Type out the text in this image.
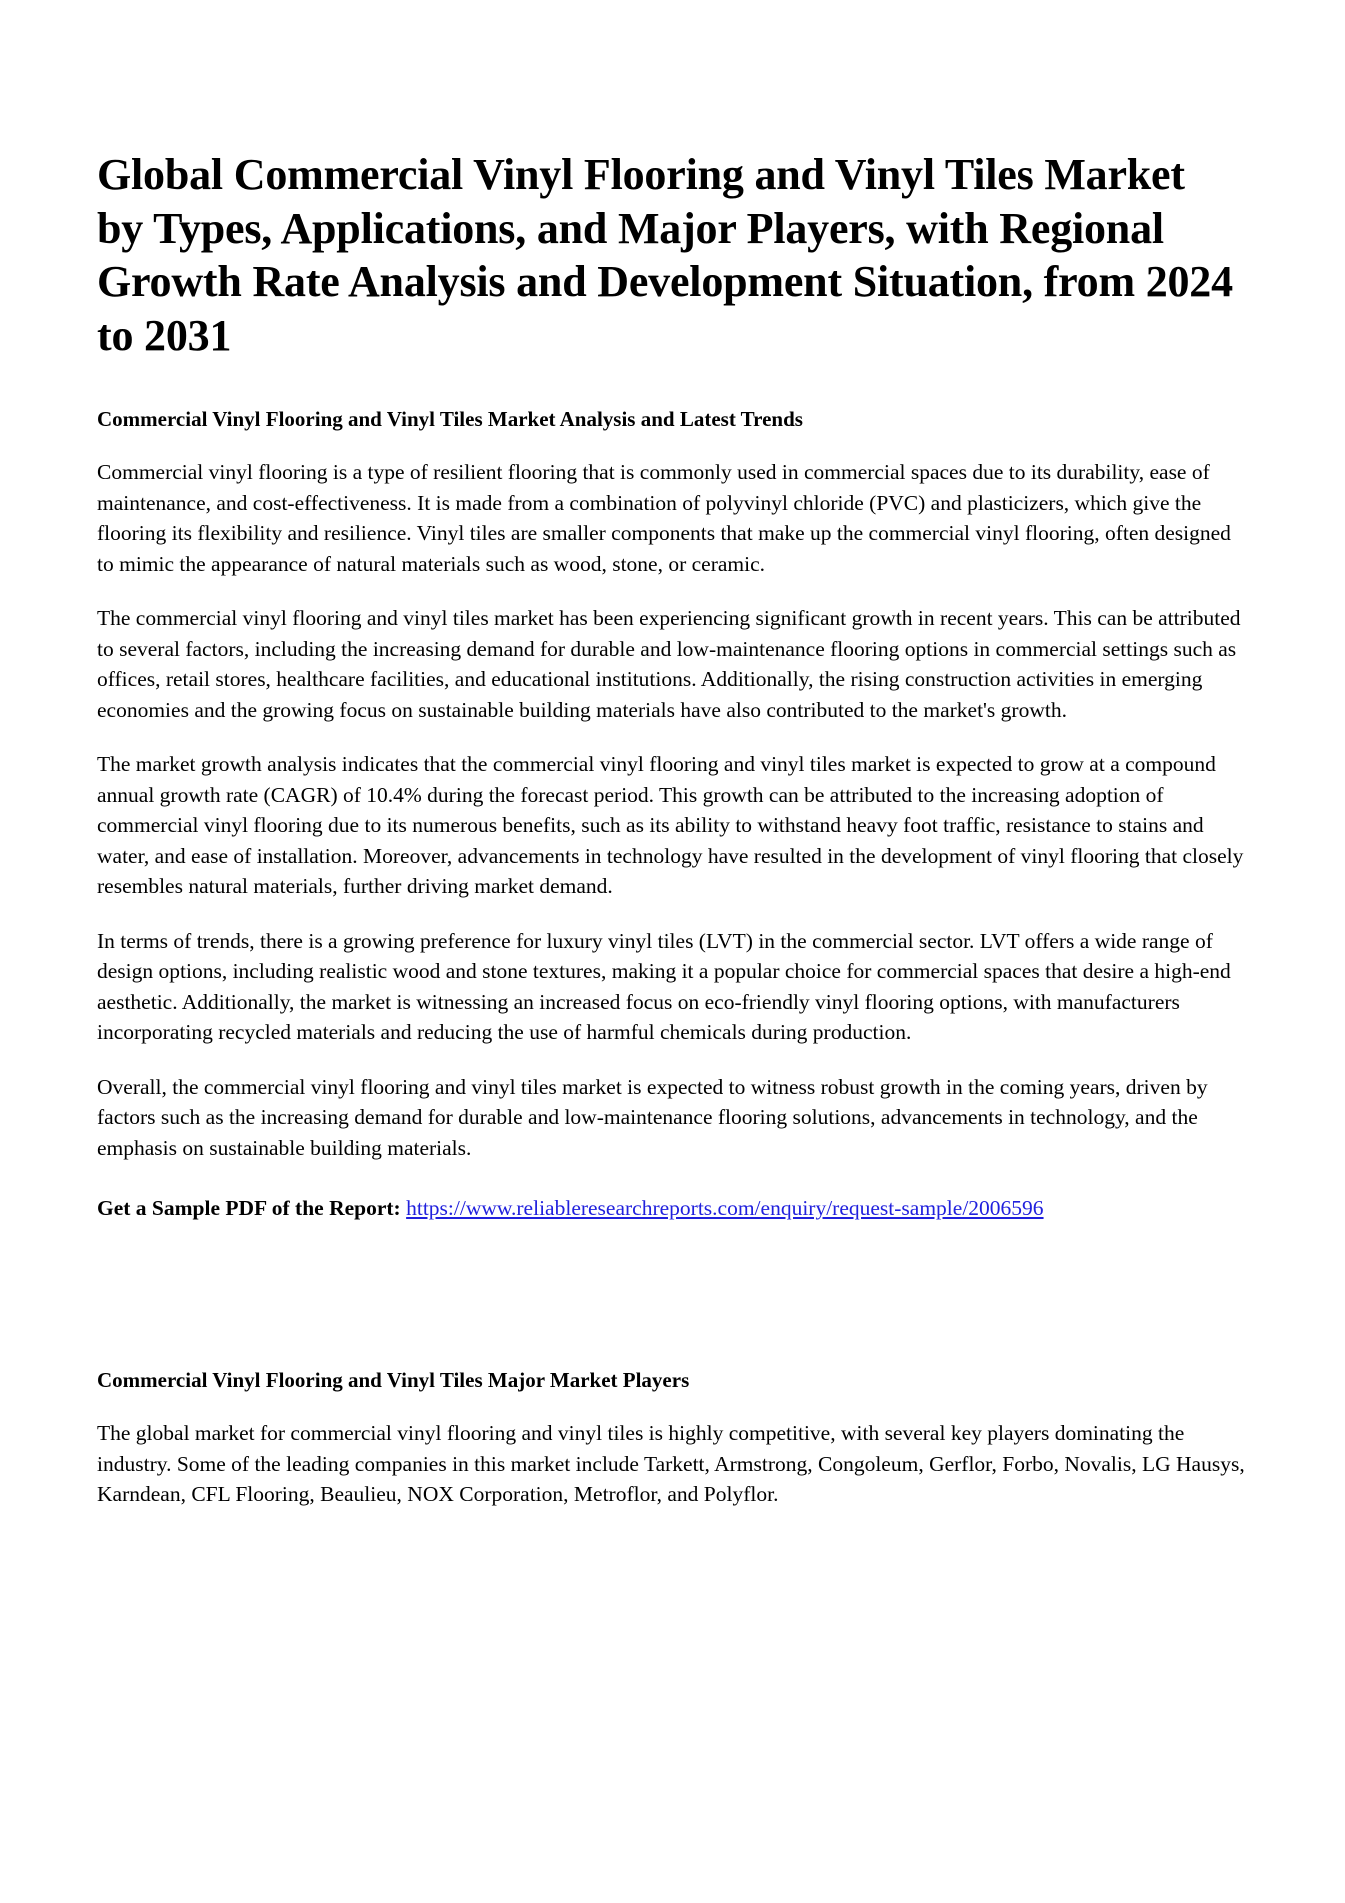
Global Commercial Vinyl Flooring and Vinyl Tiles Market by Types, Applications, and Major Players, with Regional Growth Rate Analysis and Development Situation, from 2024 to 2031
Commercial Vinyl Flooring and Vinyl Tiles Market Analysis and Latest Trends

Commercial vinyl flooring is a type of resilient flooring that is commonly used in commercial spaces due to its durability, ease of maintenance, and cost-effectiveness. It is made from a combination of polyvinyl chloride (PVC) and plasticizers, which give the flooring its flexibility and resilience. Vinyl tiles are smaller components that make up the commercial vinyl flooring, often designed to mimic the appearance of natural materials such as wood, stone, or ceramic.

The commercial vinyl flooring and vinyl tiles market has been experiencing significant growth in recent years. This can be attributed to several factors, including the increasing demand for durable and low-maintenance flooring options in commercial settings such as offices, retail stores, healthcare facilities, and educational institutions. Additionally, the rising construction activities in emerging economies and the growing focus on sustainable building materials have also contributed to the market's growth.

The market growth analysis indicates that the commercial vinyl flooring and vinyl tiles market is expected to grow at a compound annual growth rate (CAGR) of 10.4% during the forecast period. This growth can be attributed to the increasing adoption of commercial vinyl flooring due to its numerous benefits, such as its ability to withstand heavy foot traffic, resistance to stains and water, and ease of installation. Moreover, advancements in technology have resulted in the development of vinyl flooring that closely resembles natural materials, further driving market demand.

In terms of trends, there is a growing preference for luxury vinyl tiles (LVT) in the commercial sector. LVT offers a wide range of design options, including realistic wood and stone textures, making it a popular choice for commercial spaces that desire a high-end aesthetic. Additionally, the market is witnessing an increased focus on eco-friendly vinyl flooring options, with manufacturers incorporating recycled materials and reducing the use of harmful chemicals during production.

Overall, the commercial vinyl flooring and vinyl tiles market is expected to witness robust growth in the coming years, driven by factors such as the increasing demand for durable and low-maintenance flooring solutions, advancements in technology, and the emphasis on sustainable building materials.

Get a Sample PDF of the Report: https://www.reliableresearchreports.com/enquiry/request-sample/2006596

Commercial Vinyl Flooring and Vinyl Tiles Major Market Players

The global market for commercial vinyl flooring and vinyl tiles is highly competitive, with several key players dominating the industry. Some of the leading companies in this market include Tarkett, Armstrong, Congoleum, Gerflor, Forbo, Novalis, LG Hausys, Karndean, CFL Flooring, Beaulieu, NOX Corporation, Metroflor, and Polyflor.
